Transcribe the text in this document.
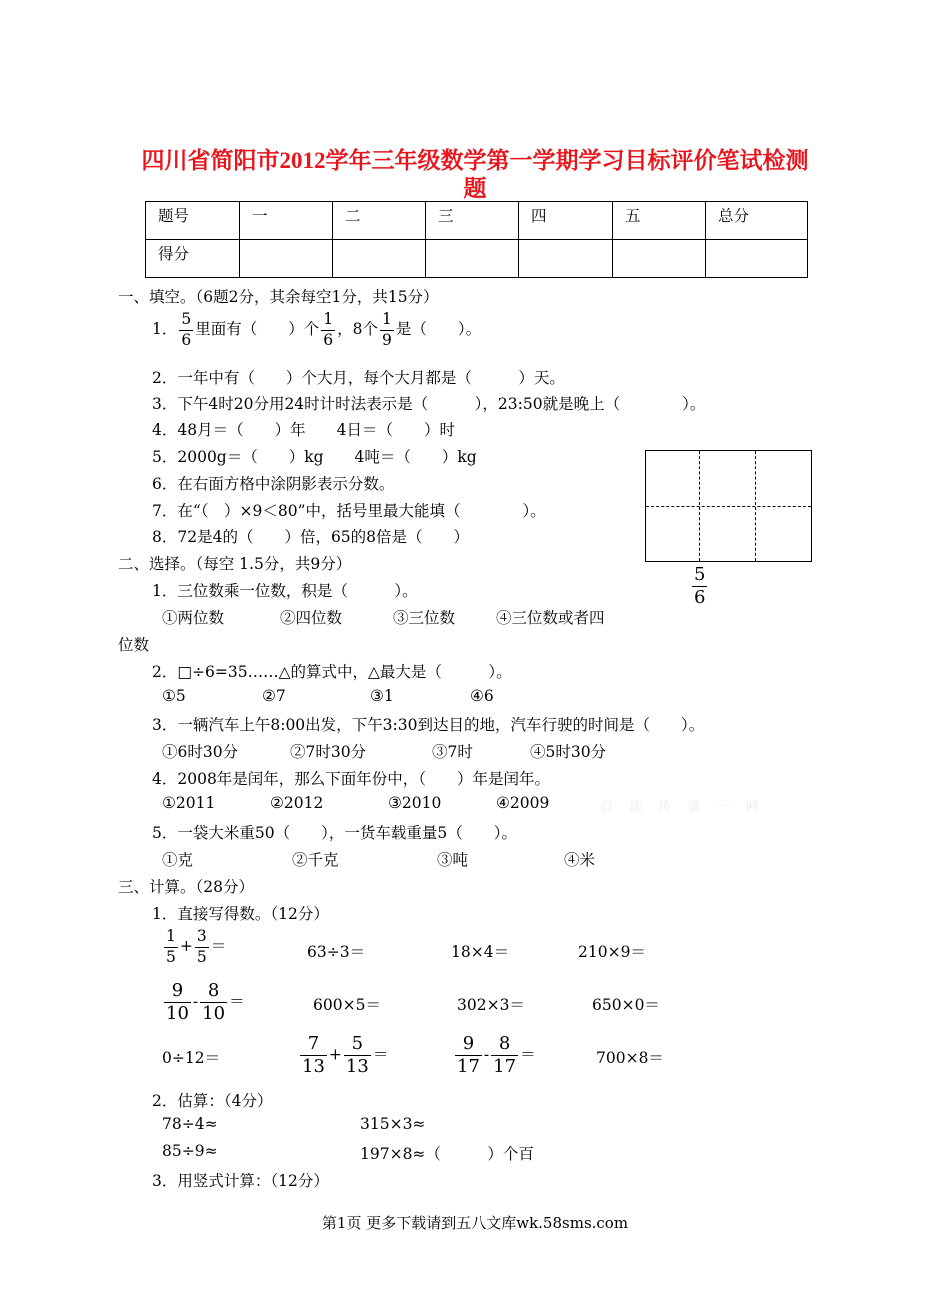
四川省简阳市2012学年三年级数学第一学期学习目标评价笔试检测
题
题号	一	二	三	四	五	总分
得分						
一、填空。（6题2分，其余每空1分，共15分）
1． $\frac{5}{6}$ 里面有（　　）个 $\frac{1}{6}$ ，8个 $\frac{1}{9}$ 是（　　）。
2．一年中有（　　）个大月，每个大月都是（　　　）天。
3．下午4时20分用24时计时法表示是（　　　），23:50就是晚上（　　　　）。
4．48月＝（　　）年　　4日＝（　　）时
5．2000g＝（　　）kg　　4吨＝（　　）kg
6．在右面方格中涂阴影表示分数。
7．在“（　）×9＜80”中，括号里最大能填（　　　　）。
8．72是4的（　　）倍，65的8倍是（　　）
$\frac{5}{6}$
二、选择。（每空 1.5分，共9分）
1．三位数乘一位数，积是（　　　）。
①两位数	②四位数	③三位数	④三位数或者四
位数
2．□÷6=35……△的算式中，△最大是（　　　）。
①5	②7	③1	④6
3．一辆汽车上午8:00出发，下午3:30到达目的地，汽车行驶的时间是（　　）。
①6时30分	②7时30分	③7时	④5时30分
4．2008年是闰年，那么下面年份中，（　　）年是闰年。
①2011	②2012	③2010	④2009
5．一袋大米重50（　　），一货车载重量5（　　）。
①克	②千克	③吨	④米
自 读 传 第 一 网
三、计算。（28分）
1．直接写得数。（12分）
$\frac{1}{5} + \frac{3}{5}$ ＝	63÷3＝	18×4＝	210×9＝
$\frac{9}{10} - \frac{8}{10}$ ＝	600×5＝	302×3＝	650×0＝
0÷12＝	$\frac{7}{13} + \frac{5}{13}$ ＝	$\frac{9}{17} - \frac{8}{17}$ ＝	700×8＝
2．估算：（4分）
78÷4≈	315×3≈
85÷9≈	197×8≈（　　　）个百
3．用竖式计算：（12分）
第1页 更多下载请到五八文库wk.58sms.com
